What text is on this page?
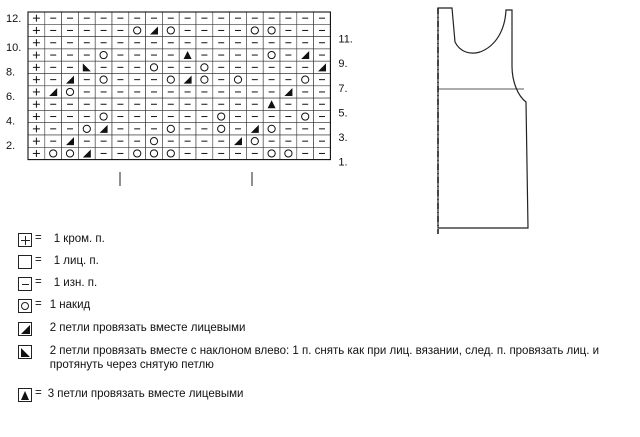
12.
10.
8.
6.
4.
2.
11.
9.
7.
5.
3.
1.
= 1 кром. п.
= 1 лиц. п.
= 1 изн. п.
= 1 накид
2 петли провязать вместе лицевыми
2 петли провязать вместе с наклоном влево: 1 п. снять как при лиц. вязании, след. п. провязать лиц. и протянуть через снятую петлю
= 3 петли провязать вместе лицевыми
